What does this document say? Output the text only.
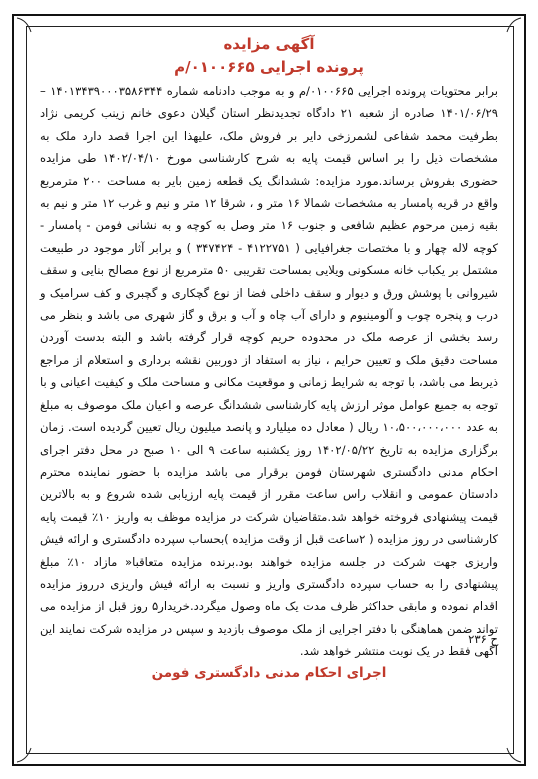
آگهی مزایده
پرونده اجرایی ۰۱۰۰۶۶۵/م

برابر محتویات پرونده اجرایی ۰۱۰۰۶۶۵/م و به موجب دادنامه شماره ۱۴۰۱۳۴۳۹۰۰۰۳۵۸۶۳۴۴ – ۱۴۰۱/۰۶/۲۹ صادره از شعبه ۲۱ دادگاه تجدیدنظر استان گیلان دعوی خانم زینب کریمی نژاد بطرفیت محمد شفاعی لشمرزخی دایر بر فروش ملک، علیهذا این اجرا قصد دارد ملک به مشخصات ذیل را بر اساس قیمت پایه به شرح کارشناسی مورخ ۱۴۰۲/۰۴/۱۰ طی مزایده حضوری بفروش برساند.مورد مزایده: ششدانگ یک قطعه زمین بایر به مساحت ۲۰۰ مترمربع واقع در قریه پامسار به مشخصات شمالا ۱۶ متر و ، شرقا ۱۲ متر و نیم و غرب ۱۲ متر و نیم به بقیه زمین مرحوم عظیم شافعی و جنوب ۱۶ متر وصل به کوچه و به نشانی فومن - پامسار - کوچه لاله چهار و با مختصات جغرافیایی ( ۴۱۲۲۷۵۱ - ۳۴۷۴۲۴ ) و برابر آثار موجود در طبیعت مشتمل بر یکباب خانه مسکونی ویلایی بمساحت تقریبی ۵۰ مترمربع از نوع مصالح بنایی و سقف شیروانی با پوشش ورق و دیوار و سقف داخلی فضا از نوع گچکاری و گچبری و کف سرامیک و درب و پنجره چوب و آلومینیوم و دارای آب چاه و آب و برق و گاز شهری می باشد و بنظر می رسد بخشی از عرصه ملک در محدوده حریم کوچه قرار گرفته باشد و البته بدست آوردن مساحت دقیق ملک و تعیین حرایم ، نیاز به استفاد از دوربین نقشه برداری و استعلام از مراجع ذیربط می باشد، با توجه به شرایط زمانی و موقعیت مکانی و مساحت ملک و کیفیت اعیانی و با توجه به جمیع عوامل موثر ارزش پایه کارشناسی ششدانگ عرصه و اعیان ملک موصوف به مبلغ به عدد ۱۰،۵۰۰،۰۰۰،۰۰۰ ریال ( معادل ده میلیارد و پانصد میلیون ریال تعیین گردیده است. زمان برگزاری مزایده به تاریخ ۱۴۰۲/۰۵/۲۲ روز یکشنبه ساعت ۹ الی ۱۰ صبح در محل دفتر اجرای احکام مدنی دادگستری شهرستان فومن برقرار می باشد مزایده با حضور نماینده محترم دادستان عمومی و انقلاب راس ساعت مقرر از قیمت پایه ارزیابی شده شروع و به بالاترین قیمت پیشنهادی فروخته خواهد شد.متقاضیان شرکت در مزایده موظف به واریز ۱۰٪ قیمت پایه کارشناسی در روز مزایده ( ۲ساعت قبل از وقت مزایده )بحساب سپرده دادگستری و ارائه فیش واریزی جهت شرکت در جلسه مزایده خواهند بود.برنده مزایده متعاقبا« مازاد ۱۰٪ مبلغ پیشنهادی را به حساب سپرده دادگستری واریز و نسبت به ارائه فیش واریزی درروز مزایده اقدام نموده و مابقی حداکثر ظرف مدت یک ماه وصول میگردد.خریدار۵ روز قبل از مزایده می تواند ضمن هماهنگی با دفتر اجرایی از ملک موصوف بازدید و سپس در مزایده شرکت نمایند این آگهی فقط در یک نوبت منتشر خواهد شد.

ح ۲۳۶
اجرای احکام مدنی دادگستری فومن
